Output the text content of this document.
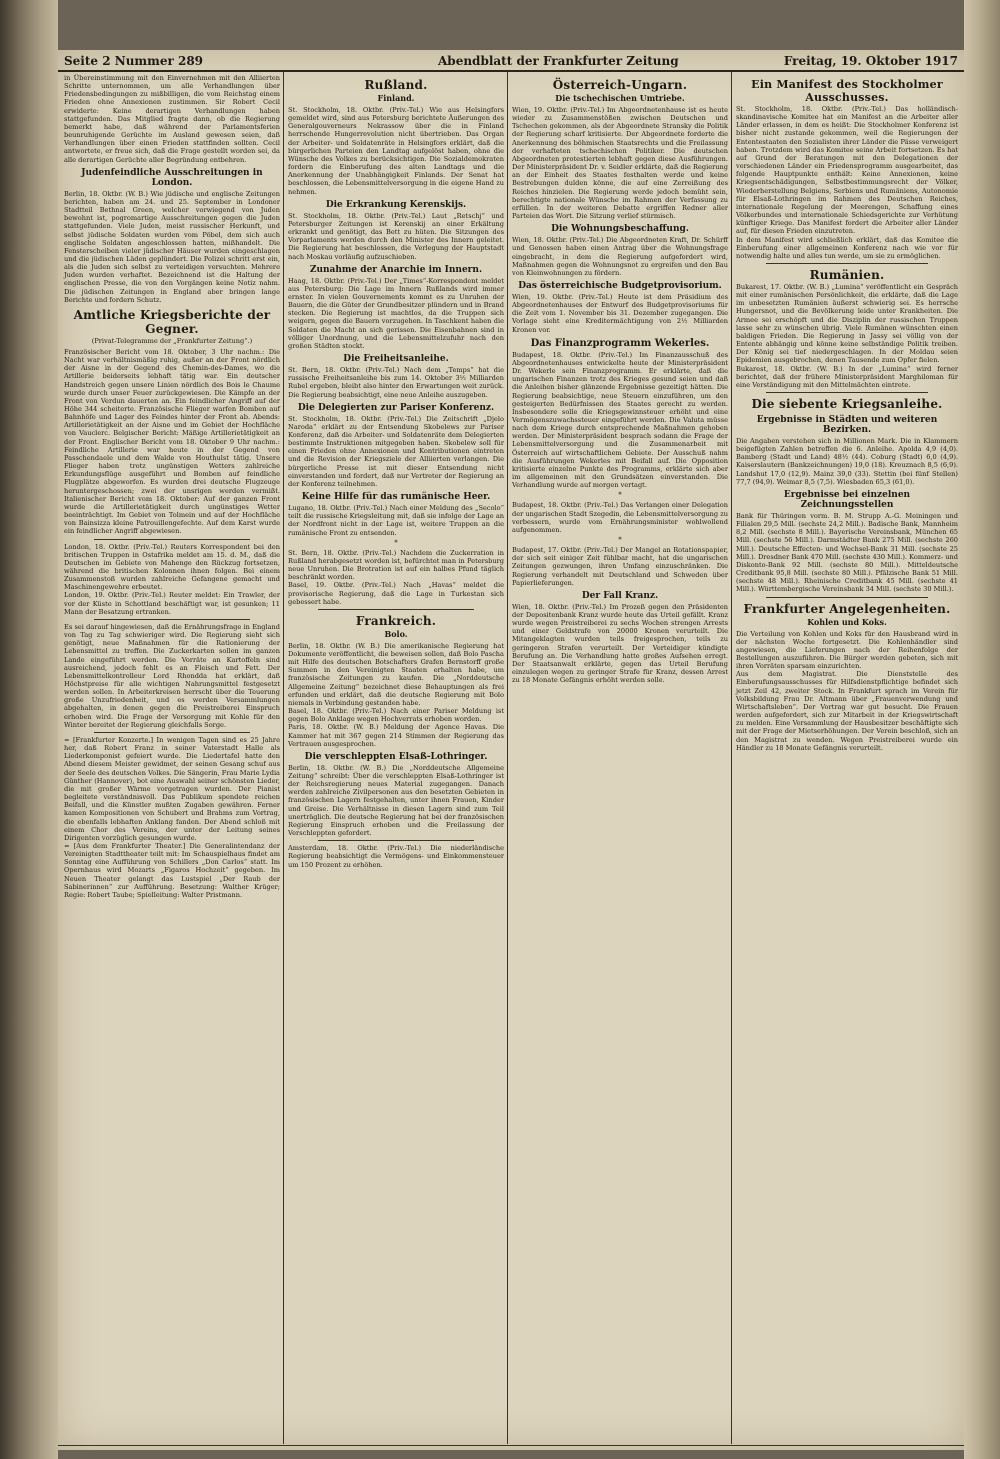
Seite 2 Nummer 289	Abendblatt der Frankfurter Zeitung	Freitag, 19. Oktober 1917

in Übereinstimmung mit den Einvernehmen mit den Alliierten Schritte unternommen, um alle Verhandlungen über Friedensbedingungen zu mißbilligen, die vom Reichstag einem Frieden ohne Annexionen zustimmen. Sir Robert Cecil erwiderte: Keine derartigen Verhandlungen haben stattgefunden. Das Mitglied fragte dann, ob die Regierung bemerkt habe, daß während der Parlamentsferien beunruhigende Gerüchte im Ausland gewesen seien, daß Verhandlungen über einen Frieden stattfinden sollten. Cecil antwortete, er freue sich, daß die Frage gestellt worden sei, da alle derartigen Gerüchte aller Begründung entbehren.

Judenfeindliche Ausschreitungen in London.

Berlin, 18. Oktbr. (W. B.) Wie jüdische und englische Zeitungen berichten, haben am 24. und 25. September in Londoner Stadtteil Bethnal Green, welcher vorwiegend von Juden bewohnt ist, pogromartige Ausschreitungen gegen die Juden stattgefunden. Viele Juden, meist russischer Herkunft, und selbst jüdische Soldaten wurden vom Pöbel, dem sich auch englische Soldaten angeschlossen hatten, mißhandelt. Die Fensterscheiben vieler jüdischer Häuser wurden eingeschlagen und die jüdischen Läden geplündert. Die Polizei schritt erst ein, als die Juden sich selbst zu verteidigen versuchten. Mehrere Juden wurden verhaftet. Bezeichnend ist die Haltung der englischen Presse, die von den Vorgängen keine Notiz nahm. Die jüdischen Zeitungen in England aber bringen lange Berichte und fordern Schutz.

Amtliche Kriegsberichte der Gegner.
(Privat-Telegramme der „Frankfurter Zeitung“.)

Französischer Bericht vom 18. Oktober, 3 Uhr nachm.: Die Nacht war verhältnismäßig ruhig, außer an der Front nördlich der Aisne in der Gegend des Chemin-des-Dames, wo die Artillerie beiderseits lebhaft tätig war. Ein deutscher Handstreich gegen unsere Linien nördlich des Bois le Chaume wurde durch unser Feuer zurückgewiesen. Die Kämpfe an der Front von Verdun dauerten an. Ein feindlicher Angriff auf der Höhe 344 scheiterte. Französische Flieger warfen Bomben auf Bahnhöfe und Lager des Feindes hinter der Front ab. Abends: Artillerietätigkeit an der Aisne und im Gebiet der Hochfläche von Vauclerc. Belgischer Bericht: Mäßige Artillerietätigkeit an der Front. Englischer Bericht vom 18. Oktober 9 Uhr nachm.: Feindliche Artillerie war heute in der Gegend von Passchendaele und dem Walde von Houthulst tätig. Unsere Flieger haben trotz ungünstigen Wetters zahlreiche Erkundungsflüge ausgeführt und Bomben auf feindliche Flugplätze abgeworfen. Es wurden drei deutsche Flugzeuge heruntergeschossen; zwei der unsrigen werden vermißt. Italienischer Bericht vom 18. Oktober: Auf der ganzen Front wurde die Artillerietätigkeit durch ungünstiges Wetter beeinträchtigt. Im Gebiet von Tolmein und auf der Hochfläche von Bainsizza kleine Patrouillengefechte. Auf dem Karst wurde ein feindlicher Angriff abgewiesen.

London, 18. Oktbr. (Priv.-Tel.) Reuters Korrespondent bei den britischen Truppen in Ostafrika meldet am 15. d. M., daß die Deutschen im Gebiete von Mahenge den Rückzug fortsetzen, während die britischen Kolonnen ihnen folgen. Bei einem Zusammenstoß wurden zahlreiche Gefangene gemacht und Maschinengewehre erbeutet.

London, 19. Oktbr. (Priv.-Tel.) Reuter meldet: Ein Trawler, der vor der Küste in Schottland beschäftigt war, ist gesunken; 11 Mann der Besatzung ertranken.

Es sei darauf hingewiesen, daß die Ernährungsfrage in England von Tag zu Tag schwieriger wird. Die Regierung sieht sich genötigt, neue Maßnahmen für die Rationierung der Lebensmittel zu treffen. Die Zuckerkarten sollen im ganzen Lande eingeführt werden. Die Vorräte an Kartoffeln sind ausreichend, jedoch fehlt es an Fleisch und Fett. Der Lebensmittelkontrolleur Lord Rhondda hat erklärt, daß Höchstpreise für alle wichtigen Nahrungsmittel festgesetzt werden sollen. In Arbeiterkreisen herrscht über die Teuerung große Unzufriedenheit, und es werden Versammlungen abgehalten, in denen gegen die Preistreiberei Einspruch erhoben wird. Die Frage der Versorgung mit Kohle für den Winter bereitet der Regierung gleichfalls Sorge.

= [Frankfurter Konzerte.] In wenigen Tagen sind es 25 Jahre her, daß Robert Franz in seiner Vaterstadt Halle als Liederkomponist gefeiert wurde. Die Liedertafel hatte den Abend diesem Meister gewidmet, der seinen Gesang schuf aus der Seele des deutschen Volkes. Die Sängerin, Frau Marie Lydia Günther (Hannover), bot eine Auswahl seiner schönsten Lieder, die mit großer Wärme vorgetragen wurden. Der Pianist begleitete verständnisvoll. Das Publikum spendete reichen Beifall, und die Künstler mußten Zugaben gewähren. Ferner kamen Kompositionen von Schubert und Brahms zum Vortrag, die ebenfalls lebhaften Anklang fanden. Der Abend schloß mit einem Chor des Vereins, der unter der Leitung seines Dirigenten vorzüglich gesungen wurde.

= [Aus dem Frankfurter Theater.] Die Generalintendanz der Vereinigten Stadttheater teilt mit: Im Schauspielhaus findet am Sonntag eine Aufführung von Schillers „Don Carlos“ statt. Im Opernhaus wird Mozarts „Figaros Hochzeit“ gegeben. Im Neuen Theater gelangt das Lustspiel „Der Raub der Sabinerinnen“ zur Aufführung. Besetzung: Walther Krüger; Regie: Robert Taube; Spielleitung: Walter Pristmann.

Rußland.
Finland.

St. Stockholm, 18. Oktbr. (Priv.-Tel.) Wie aus Helsingfors gemeldet wird, sind aus Petersburg berichtete Äußerungen des Generalgouverneurs Nekrassow über die in Finland herrschende Hungerrevolution nicht übertrieben. Das Organ der Arbeiter- und Soldatenräte in Helsingfors erklärt, daß die bürgerlichen Parteien den Landtag aufgelöst haben, ohne die Wünsche des Volkes zu berücksichtigen. Die Sozialdemokraten fordern die Einberufung des alten Landtags und die Anerkennung der Unabhängigkeit Finlands. Der Senat hat beschlossen, die Lebensmittelversorgung in die eigene Hand zu nehmen.

Die Erkrankung Kerenskijs.

St. Stockholm, 18. Oktbr. (Priv.-Tel.) Laut „Retschj“ und Petersburger Zeitungen ist Kerenskij an einer Erkältung erkrankt und genötigt, das Bett zu hüten. Die Sitzungen des Vorparlaments werden durch den Minister des Innern geleitet. Die Regierung hat beschlossen, die Verlegung der Hauptstadt nach Moskau vorläufig aufzuschieben.

Zunahme der Anarchie im Innern.

Haag, 18. Oktbr. (Priv.-Tel.) Der „Times“-Korrespondent meldet aus Petersburg: Die Lage im Innern Rußlands wird immer ernster. In vielen Gouvernements kommt es zu Unruhen der Bauern, die die Güter der Grundbesitzer plündern und in Brand stecken. Die Regierung ist machtlos, da die Truppen sich weigern, gegen die Bauern vorzugehen. In Taschkent haben die Soldaten die Macht an sich gerissen. Die Eisenbahnen sind in völliger Unordnung, und die Lebensmittelzufuhr nach den großen Städten stockt.

Die Freiheitsanleihe.

St. Bern, 18. Oktbr. (Priv.-Tel.) Nach dem „Temps“ hat die russische Freiheitsanleihe bis zum 14. Oktober 3½ Milliarden Rubel ergeben, bleibt also hinter den Erwartungen weit zurück. Die Regierung beabsichtigt, eine neue Anleihe auszugeben.

Die Delegierten zur Pariser Konferenz.

St. Stockholm, 18. Oktbr. (Priv.-Tel.) Die Zeitschrift „Djelo Naroda“ erklärt zu der Entsendung Skobelews zur Pariser Konferenz, daß die Arbeiter- und Soldatenräte dem Delegierten bestimmte Instruktionen mitgegeben haben. Skobelew soll für einen Frieden ohne Annexionen und Kontributionen eintreten und die Revision der Kriegsziele der Alliierten verlangen. Die bürgerliche Presse ist mit dieser Entsendung nicht einverstanden und fordert, daß nur Vertreter der Regierung an der Konferenz teilnehmen.

Keine Hilfe für das rumänische Heer.

Lugano, 18. Oktbr. (Priv.-Tel.) Nach einer Meldung des „Secolo“ teilt die russische Kriegsleitung mit, daß sie infolge der Lage an der Nordfront nicht in der Lage ist, weitere Truppen an die rumänische Front zu entsenden.

*

St. Bern, 18. Oktbr. (Priv.-Tel.) Nachdem die Zuckerration in Rußland herabgesetzt worden ist, befürchtet man in Petersburg neue Unruhen. Die Brotration ist auf ein halbes Pfund täglich beschränkt worden.

Basel, 19. Oktbr. (Priv.-Tel.) Nach „Havas“ meldet die provisorische Regierung, daß die Lage in Turkestan sich gebessert habe.

Frankreich.
Bolo.

Berlin, 18. Oktbr. (W. B.) Die amerikanische Regierung hat Dokumente veröffentlicht, die beweisen sollen, daß Bolo Pascha mit Hilfe des deutschen Botschafters Grafen Bernstorff große Summen in den Vereinigten Staaten erhalten habe, um französische Zeitungen zu kaufen. Die „Norddeutsche Allgemeine Zeitung“ bezeichnet diese Behauptungen als frei erfunden und erklärt, daß die deutsche Regierung mit Bolo niemals in Verbindung gestanden habe.

Basel, 18. Oktbr. (Priv.-Tel.) Nach einer Pariser Meldung ist gegen Bolo Anklage wegen Hochverrats erhoben worden.

Paris, 18. Oktbr. (W. B.) Meldung der Agence Havas. Die Kammer hat mit 367 gegen 214 Stimmen der Regierung das Vertrauen ausgesprochen.

Die verschleppten Elsaß-Lothringer.

Berlin, 18. Oktbr. (W. B.) Die „Norddeutsche Allgemeine Zeitung“ schreibt: Über die verschleppten Elsaß-Lothringer ist der Reichsregierung neues Material zugegangen. Danach werden zahlreiche Zivilpersonen aus den besetzten Gebieten in französischen Lagern festgehalten, unter ihnen Frauen, Kinder und Greise. Die Verhältnisse in diesen Lagern sind zum Teil unerträglich. Die deutsche Regierung hat bei der französischen Regierung Einspruch erhoben und die Freilassung der Verschleppten gefordert.

Amsterdam, 18. Oktbr. (Priv.-Tel.) Die niederländische Regierung beabsichtigt die Vermögens- und Einkommensteuer um 150 Prozent zu erhöhen.

Österreich-Ungarn.
Die tschechischen Umtriebe.

Wien, 19. Oktbr. (Priv.-Tel.) Im Abgeordnetenhause ist es heute wieder zu Zusammenstößen zwischen Deutschen und Tschechen gekommen, als der Abgeordnete Stransky die Politik der Regierung scharf kritisierte. Der Abgeordnete forderte die Anerkennung des böhmischen Staatsrechts und die Freilassung der verhafteten tschechischen Politiker. Die deutschen Abgeordneten protestierten lebhaft gegen diese Ausführungen. Der Ministerpräsident Dr. v. Seidler erklärte, daß die Regierung an der Einheit des Staates festhalten werde und keine Bestrebungen dulden könne, die auf eine Zerreißung des Reiches hinzielen. Die Regierung werde jedoch bemüht sein, berechtigte nationale Wünsche im Rahmen der Verfassung zu erfüllen. In der weiteren Debatte ergriffen Redner aller Parteien das Wort. Die Sitzung verlief stürmisch.

Die Wohnungsbeschaffung.

Wien, 18. Oktbr. (Priv.-Tel.) Die Abgeordneten Kraft, Dr. Schürff und Genossen haben einen Antrag über die Wohnungsfrage eingebracht, in dem die Regierung aufgefordert wird, Maßnahmen gegen die Wohnungsnot zu ergreifen und den Bau von Kleinwohnungen zu fördern.

Das österreichische Budgetprovisorium.

Wien, 19. Oktbr. (Priv.-Tel.) Heute ist dem Präsidium des Abgeordnetenhauses der Entwurf des Budgetprovisoriums für die Zeit vom 1. November bis 31. Dezember zugegangen. Die Vorlage sieht eine Kreditermächtigung von 2½ Milliarden Kronen vor.

Das Finanzprogramm Wekerles.

Budapest, 18. Oktbr. (Priv.-Tel.) Im Finanzausschuß des Abgeordnetenhauses entwickelte heute der Ministerpräsident Dr. Wekerle sein Finanzprogramm. Er erklärte, daß die ungarischen Finanzen trotz des Krieges gesund seien und daß die Anleihen bisher glänzende Ergebnisse gezeitigt hätten. Die Regierung beabsichtige, neue Steuern einzuführen, um den gesteigerten Bedürfnissen des Staates gerecht zu werden. Insbesondere solle die Kriegsgewinnsteuer erhöht und eine Vermögenszuwachssteuer eingeführt werden. Die Valuta müsse nach dem Kriege durch entsprechende Maßnahmen gehoben werden. Der Ministerpräsident besprach sodann die Frage der Lebensmittelversorgung und die Zusammenarbeit mit Österreich auf wirtschaftlichem Gebiete. Der Ausschuß nahm die Ausführungen Wekerles mit Beifall auf. Die Opposition kritisierte einzelne Punkte des Programms, erklärte sich aber im allgemeinen mit den Grundsätzen einverstanden. Die Verhandlung wurde auf morgen vertagt.

*

Budapest, 18. Oktbr. (Priv.-Tel.) Das Verlangen einer Delegation der ungarischen Stadt Szegedin, die Lebensmittelversorgung zu verbessern, wurde vom Ernährungsminister wohlwollend aufgenommen.

*

Budapest, 17. Oktbr. (Priv.-Tel.) Der Mangel an Rotationspapier, der sich seit einiger Zeit fühlbar macht, hat die ungarischen Zeitungen gezwungen, ihren Umfang einzuschränken. Die Regierung verhandelt mit Deutschland und Schweden über Papierlieferungen.

Der Fall Kranz.

Wien, 18. Oktbr. (Priv.-Tel.) Im Prozeß gegen den Präsidenten der Depositenbank Kranz wurde heute das Urteil gefällt. Kranz wurde wegen Preistreiberei zu sechs Wochen strengen Arrests und einer Geldstrafe von 20000 Kronen verurteilt. Die Mitangeklagten wurden teils freigesprochen, teils zu geringeren Strafen verurteilt. Der Verteidiger kündigte Berufung an. Die Verhandlung hatte großes Aufsehen erregt. Der Staatsanwalt erklärte, gegen das Urteil Berufung einzulegen wegen zu geringer Strafe für Kranz, dessen Arrest zu 18 Monate Gefängnis erhöht werden solle.

Ein Manifest des Stockholmer Ausschusses.

St. Stockholm, 18. Oktbr. (Priv.-Tel.) Das holländisch-skandinavische Komitee hat ein Manifest an die Arbeiter aller Länder erlassen, in dem es heißt: Die Stockholmer Konferenz ist bisher nicht zustande gekommen, weil die Regierungen der Ententestaaten den Sozialisten ihrer Länder die Pässe verweigert haben. Trotzdem wird das Komitee seine Arbeit fortsetzen. Es hat auf Grund der Beratungen mit den Delegationen der verschiedenen Länder ein Friedensprogramm ausgearbeitet, das folgende Hauptpunkte enthält: Keine Annexionen, keine Kriegsentschädigungen, Selbstbestimmungsrecht der Völker, Wiederherstellung Belgiens, Serbiens und Rumäniens, Autonomie für Elsaß-Lothringen im Rahmen des Deutschen Reiches, internationale Regelung der Meerengen, Schaffung eines Völkerbundes und internationale Schiedsgerichte zur Verhütung künftiger Kriege. Das Manifest fordert die Arbeiter aller Länder auf, für diesen Frieden einzutreten.

In dem Manifest wird schließlich erklärt, daß das Komitee die Einberufung einer allgemeinen Konferenz nach wie vor für notwendig halte und alles tun werde, um sie zu ermöglichen.

Rumänien.

Bukarest, 17. Oktbr. (W. B.) „Lumina“ veröffentlicht ein Gespräch mit einer rumänischen Persönlichkeit, die erklärte, daß die Lage im unbesetzten Rumänien äußerst schwierig sei. Es herrsche Hungersnot, und die Bevölkerung leide unter Krankheiten. Die Armee sei erschöpft und die Disziplin der russischen Truppen lasse sehr zu wünschen übrig. Viele Rumänen wünschten einen baldigen Frieden. Die Regierung in Jassy sei völlig von der Entente abhängig und könne keine selbständige Politik treiben. Der König sei tief niedergeschlagen. In der Moldau seien Epidemien ausgebrochen, denen Tausende zum Opfer fielen.

Bukarest, 18. Oktbr. (W. B.) In der „Lumina“ wird ferner berichtet, daß der frühere Ministerpräsident Marghiloman für eine Verständigung mit den Mittelmächten eintrete.

Die siebente Kriegsanleihe.
Ergebnisse in Städten und weiteren Bezirken.

Die Angaben verstehen sich in Millionen Mark. Die in Klammern beigefügten Zahlen betreffen die 6. Anleihe. Apolda 4,9 (4,0). Bamberg (Stadt und Land) 48½ (44). Coburg (Stadt) 6,0 (4,9). Kaiserslautern (Bankzeichnungen) 19,0 (18). Kreuznach 8,5 (6,9). Landshut 17,0 (12,9). Mainz 39,0 (33). Stettin (bei fünf Stellen) 77,7 (94,9). Weimar 8,5 (7,5). Wiesbaden 65,3 (61,0).

Ergebnisse bei einzelnen Zeichnungsstellen

Bank für Thüringen vorm. B. M. Strupp A.-G. Meiningen und Filialen 29,5 Mill. (sechste 24,2 Mill.). Badische Bank, Mannheim 8,2 Mill. (sechste 8 Mill.). Bayerische Vereinsbank, München 65 Mill. (sechste 56 Mill.). Darmstädter Bank 275 Mill. (sechste 260 Mill.). Deutsche Effecten- und Wechsel-Bank 31 Mill. (sechste 25 Mill.). Dresdner Bank 470 Mill. (sechste 430 Mill.). Kommerz- und Diskonto-Bank 92 Mill. (sechste 80 Mill.). Mitteldeutsche Creditbank 95,8 Mill. (sechste 80 Mill.). Pfälzische Bank 51 Mill. (sechste 48 Mill.). Rheinische Creditbank 45 Mill. (sechste 41 Mill.). Württembergische Vereinsbank 34 Mill. (sechste 30 Mill.).

Frankfurter Angelegenheiten.
Kohlen und Koks.

Die Verteilung von Kohlen und Koks für den Hausbrand wird in der nächsten Woche fortgesetzt. Die Kohlenhändler sind angewiesen, die Lieferungen nach der Reihenfolge der Bestellungen auszuführen. Die Bürger werden gebeten, sich mit ihren Vorräten sparsam einzurichten.

Aus dem Magistrat. Die Dienststelle des Einberufungsausschusses für Hilfsdienstpflichtige befindet sich jetzt Zeil 42, zweiter Stock. In Frankfurt sprach im Verein für Volksbildung Frau Dr. Altmann über „Frauenverwendung und Wirtschaftsleben“. Der Vortrag war gut besucht. Die Frauen werden aufgefordert, sich zur Mitarbeit in der Kriegswirtschaft zu melden. Eine Versammlung der Hausbesitzer beschäftigte sich mit der Frage der Mietserhöhungen. Der Verein beschloß, sich an den Magistrat zu wenden. Wegen Preistreiberei wurde ein Händler zu 18 Monate Gefängnis verurteilt.
